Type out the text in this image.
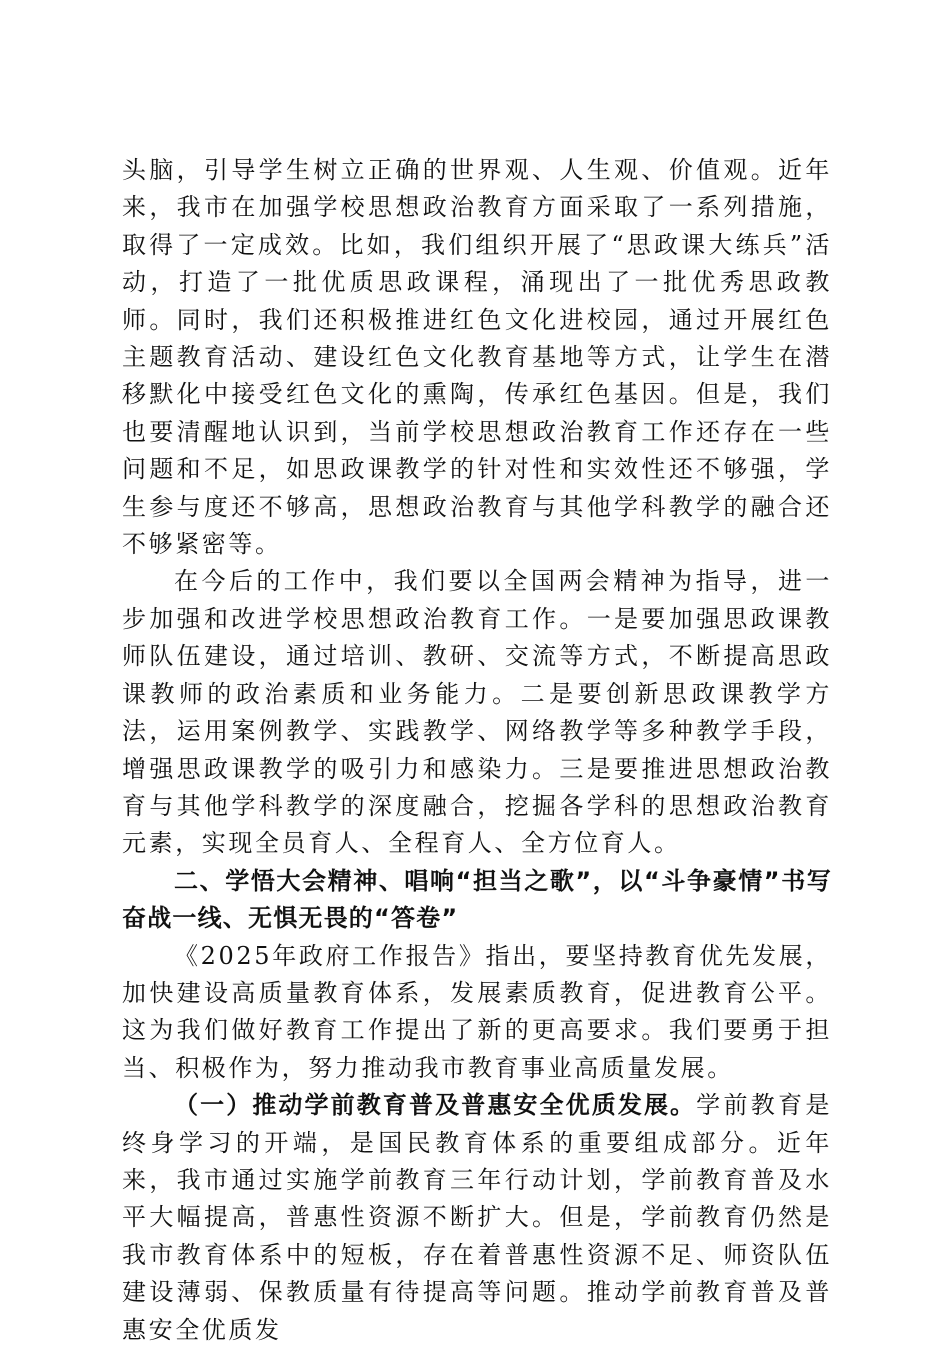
头脑，引导学生树立正确的世界观、人生观、价值观。近年来，我市在加强学校思想政治教育方面采取了一系列措施，取得了一定成效。比如，我们组织开展了“思政课大练兵”活动，打造了一批优质思政课程，涌现出了一批优秀思政教师。同时，我们还积极推进红色文化进校园，通过开展红色主题教育活动、建设红色文化教育基地等方式，让学生在潜移默化中接受红色文化的熏陶，传承红色基因。但是，我们也要清醒地认识到，当前学校思想政治教育工作还存在一些问题和不足，如思政课教学的针对性和实效性还不够强，学生参与度还不够高，思想政治教育与其他学科教学的融合还不够紧密等。

在今后的工作中，我们要以全国两会精神为指导，进一步加强和改进学校思想政治教育工作。一是要加强思政课教师队伍建设，通过培训、教研、交流等方式，不断提高思政课教师的政治素质和业务能力。二是要创新思政课教学方法，运用案例教学、实践教学、网络教学等多种教学手段，增强思政课教学的吸引力和感染力。三是要推进思想政治教育与其他学科教学的深度融合，挖掘各学科的思想政治教育元素，实现全员育人、全程育人、全方位育人。

二、学悟大会精神、唱响“担当之歌”，以“斗争豪情”书写奋战一线、无惧无畏的“答卷”

《2025年政府工作报告》指出，要坚持教育优先发展，加快建设高质量教育体系，发展素质教育，促进教育公平。这为我们做好教育工作提出了新的更高要求。我们要勇于担当、积极作为，努力推动我市教育事业高质量发展。

（一）推动学前教育普及普惠安全优质发展。学前教育是终身学习的开端，是国民教育体系的重要组成部分。近年来，我市通过实施学前教育三年行动计划，学前教育普及水平大幅提高，普惠性资源不断扩大。但是，学前教育仍然是我市教育体系中的短板，存在着普惠性资源不足、师资队伍建设薄弱、保教质量有待提高等问题。推动学前教育普及普惠安全优质发
